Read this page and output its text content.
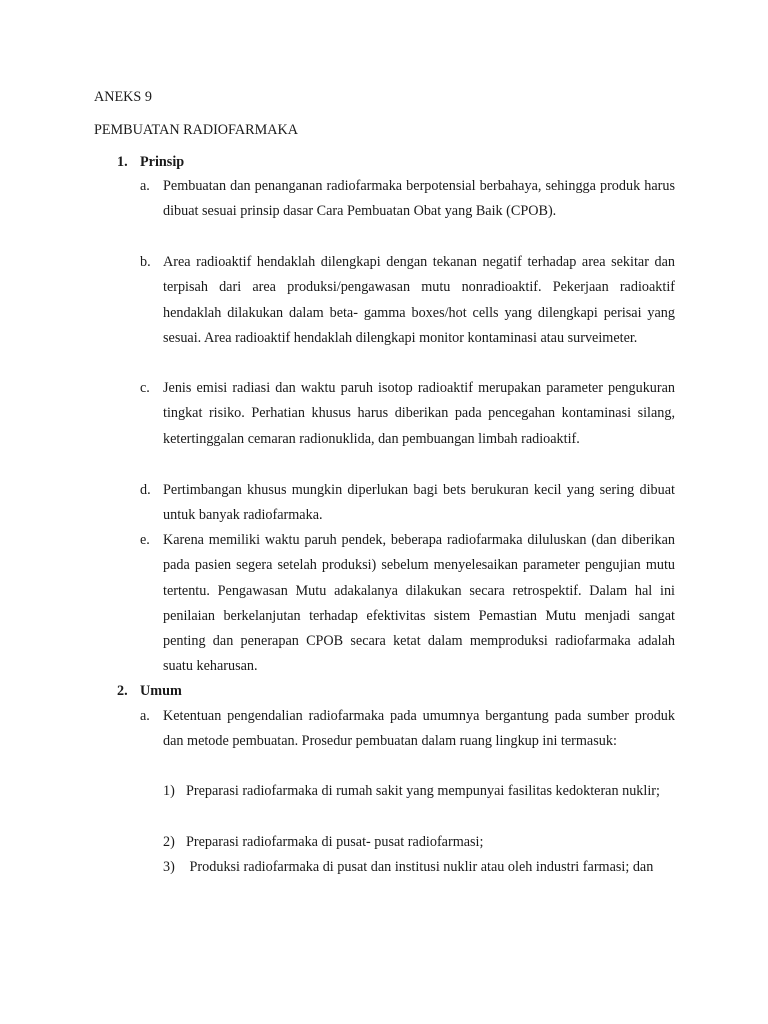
ANEKS 9
PEMBUATAN RADIOFARMAKA
1. Prinsip
a. Pembuatan dan penanganan radiofarmaka berpotensial berbahaya, sehingga produk harus dibuat sesuai prinsip dasar Cara Pembuatan Obat yang Baik (CPOB).
b. Area radioaktif hendaklah dilengkapi dengan tekanan negatif terhadap area sekitar dan terpisah dari area produksi/pengawasan mutu nonradioaktif. Pekerjaan radioaktif hendaklah dilakukan dalam beta- gamma boxes/hot cells yang dilengkapi perisai yang sesuai. Area radioaktif hendaklah dilengkapi monitor kontaminasi atau surveimeter.
c. Jenis emisi radiasi dan waktu paruh isotop radioaktif merupakan parameter pengukuran tingkat risiko. Perhatian khusus harus diberikan pada pencegahan kontaminasi silang, ketertinggalan cemaran radionuklida, dan pembuangan limbah radioaktif.
d. Pertimbangan khusus mungkin diperlukan bagi bets berukuran kecil yang sering dibuat untuk banyak radiofarmaka.
e. Karena memiliki waktu paruh pendek, beberapa radiofarmaka diluluskan (dan diberikan pada pasien segera setelah produksi) sebelum menyelesaikan parameter pengujian mutu tertentu. Pengawasan Mutu adakalanya dilakukan secara retrospektif. Dalam hal ini penilaian berkelanjutan terhadap efektivitas sistem Pemastian Mutu menjadi sangat penting dan penerapan CPOB secara ketat dalam memproduksi radiofarmaka adalah suatu keharusan.
2. Umum
a. Ketentuan pengendalian radiofarmaka pada umumnya bergantung pada sumber produk dan metode pembuatan. Prosedur pembuatan dalam ruang lingkup ini termasuk:
1) Preparasi radiofarmaka di rumah sakit yang mempunyai fasilitas kedokteran nuklir;
2) Preparasi radiofarmaka di pusat- pusat radiofarmasi;
3) Produksi radiofarmaka di pusat dan institusi nuklir atau oleh industri farmasi; dan
